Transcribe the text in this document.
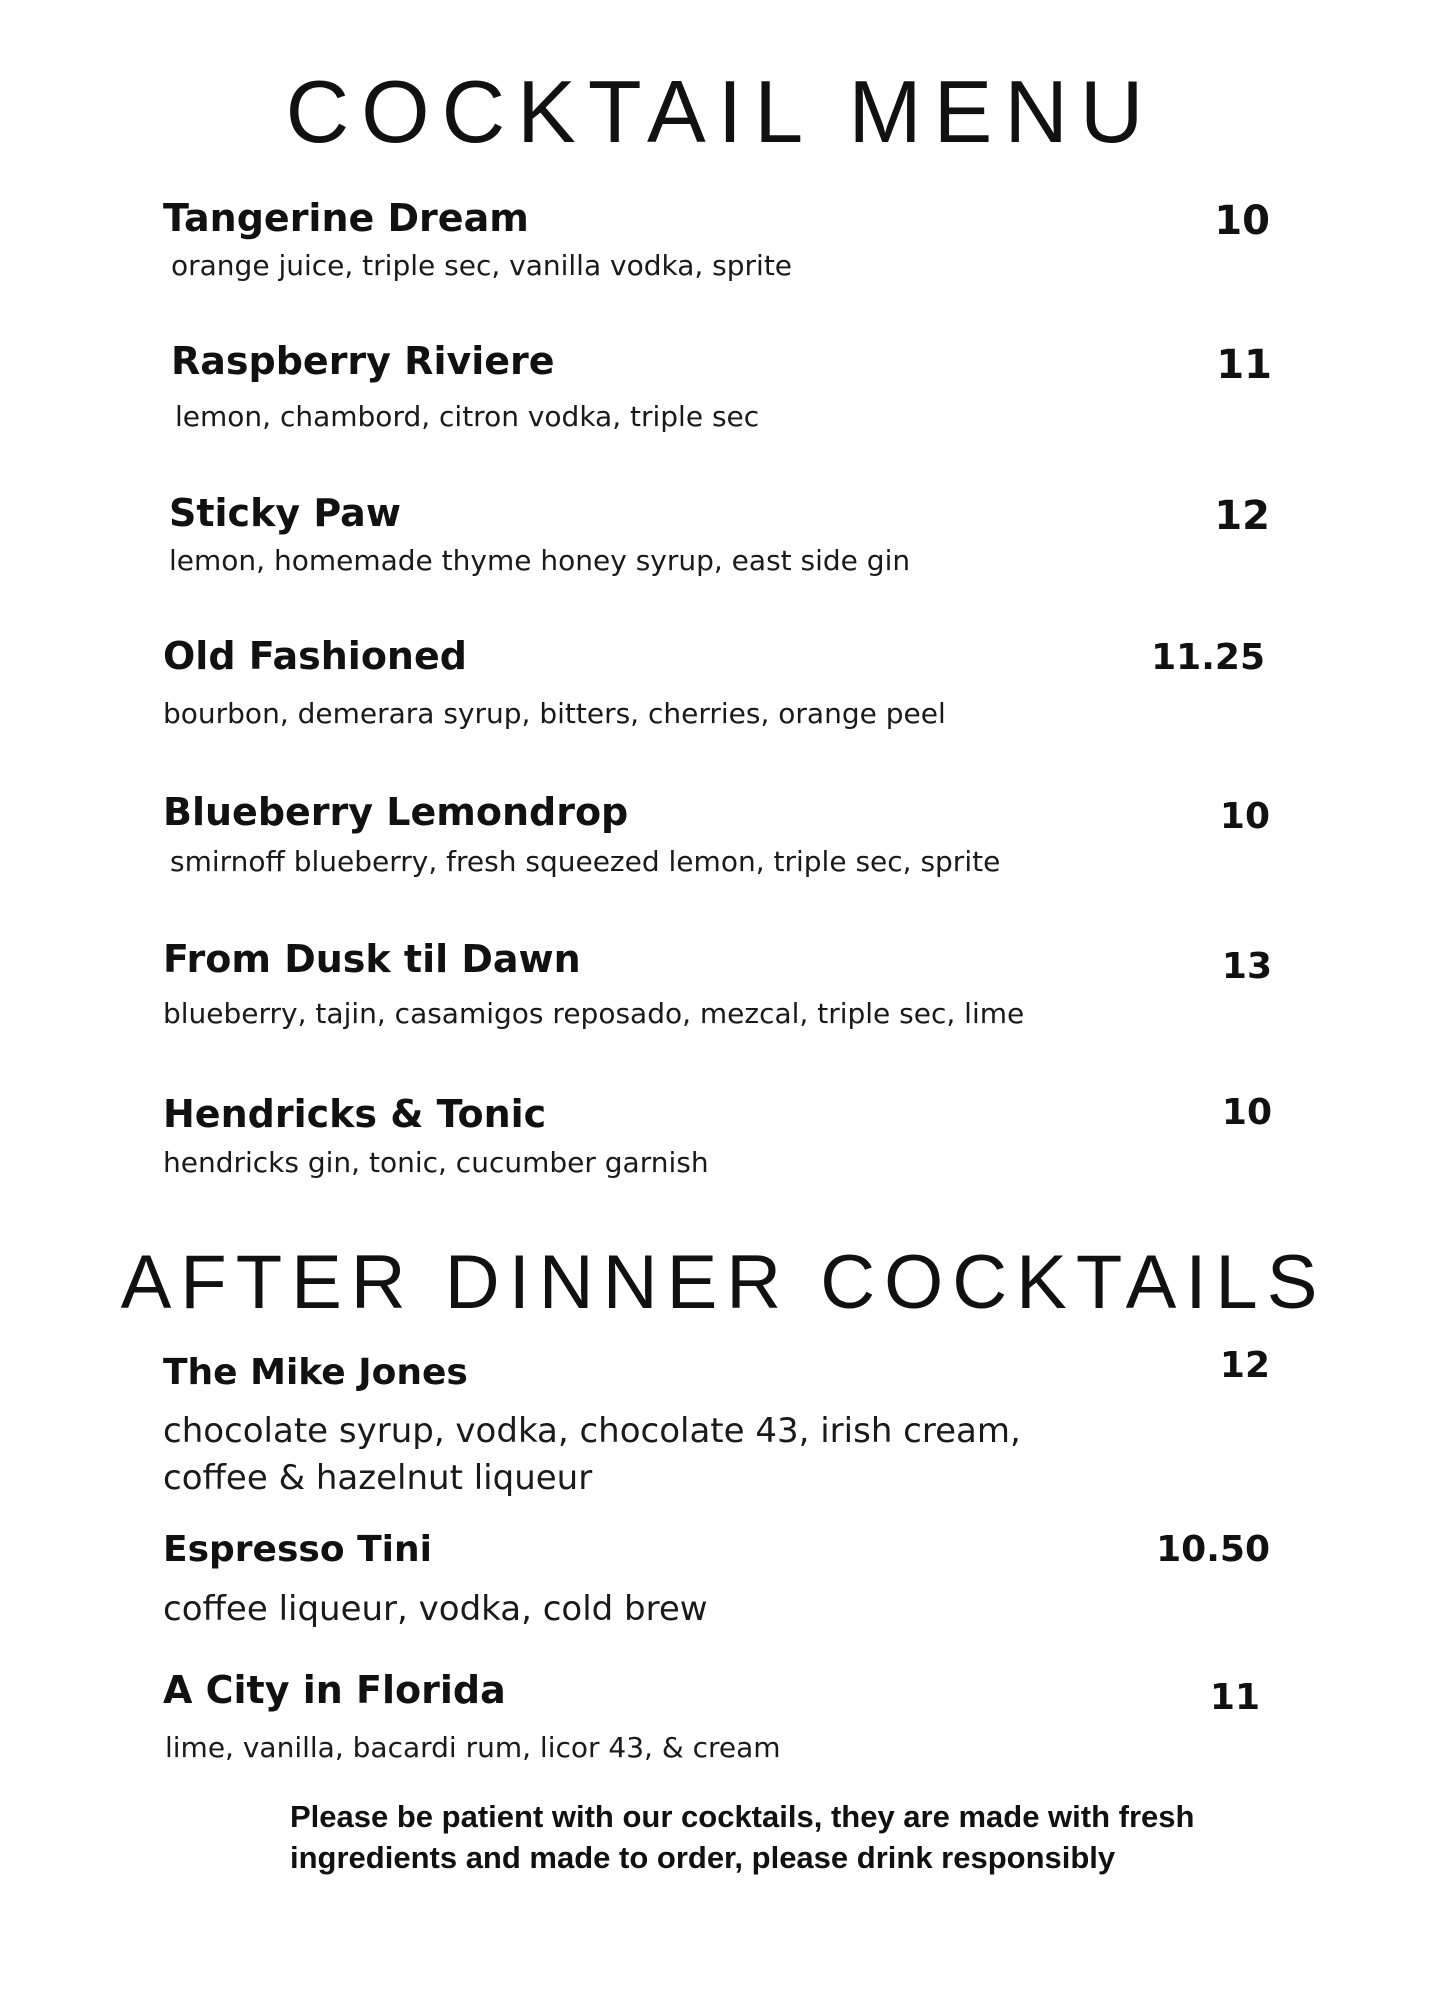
COCKTAIL MENU
Tangerine Dream	10
orange juice, triple sec, vanilla vodka, sprite
Raspberry Riviere	11
lemon, chambord, citron vodka, triple sec
Sticky Paw	12
lemon, homemade thyme honey syrup, east side gin
Old Fashioned	11.25
bourbon, demerara syrup, bitters, cherries, orange peel
Blueberry Lemondrop	10
smirnoff blueberry, fresh squeezed lemon, triple sec, sprite
From Dusk til Dawn	13
blueberry, tajin, casamigos reposado, mezcal, triple sec, lime
Hendricks & Tonic	10
hendricks gin, tonic, cucumber garnish
AFTER DINNER COCKTAILS
The Mike Jones	12
chocolate syrup, vodka, chocolate 43, irish cream,
coffee & hazelnut liqueur
Espresso Tini	10.50
coffee liqueur, vodka, cold brew
A City in Florida	11
lime, vanilla, bacardi rum, licor 43, & cream
Please be patient with our cocktails, they are made with fresh
ingredients and made to order, please drink responsibly
